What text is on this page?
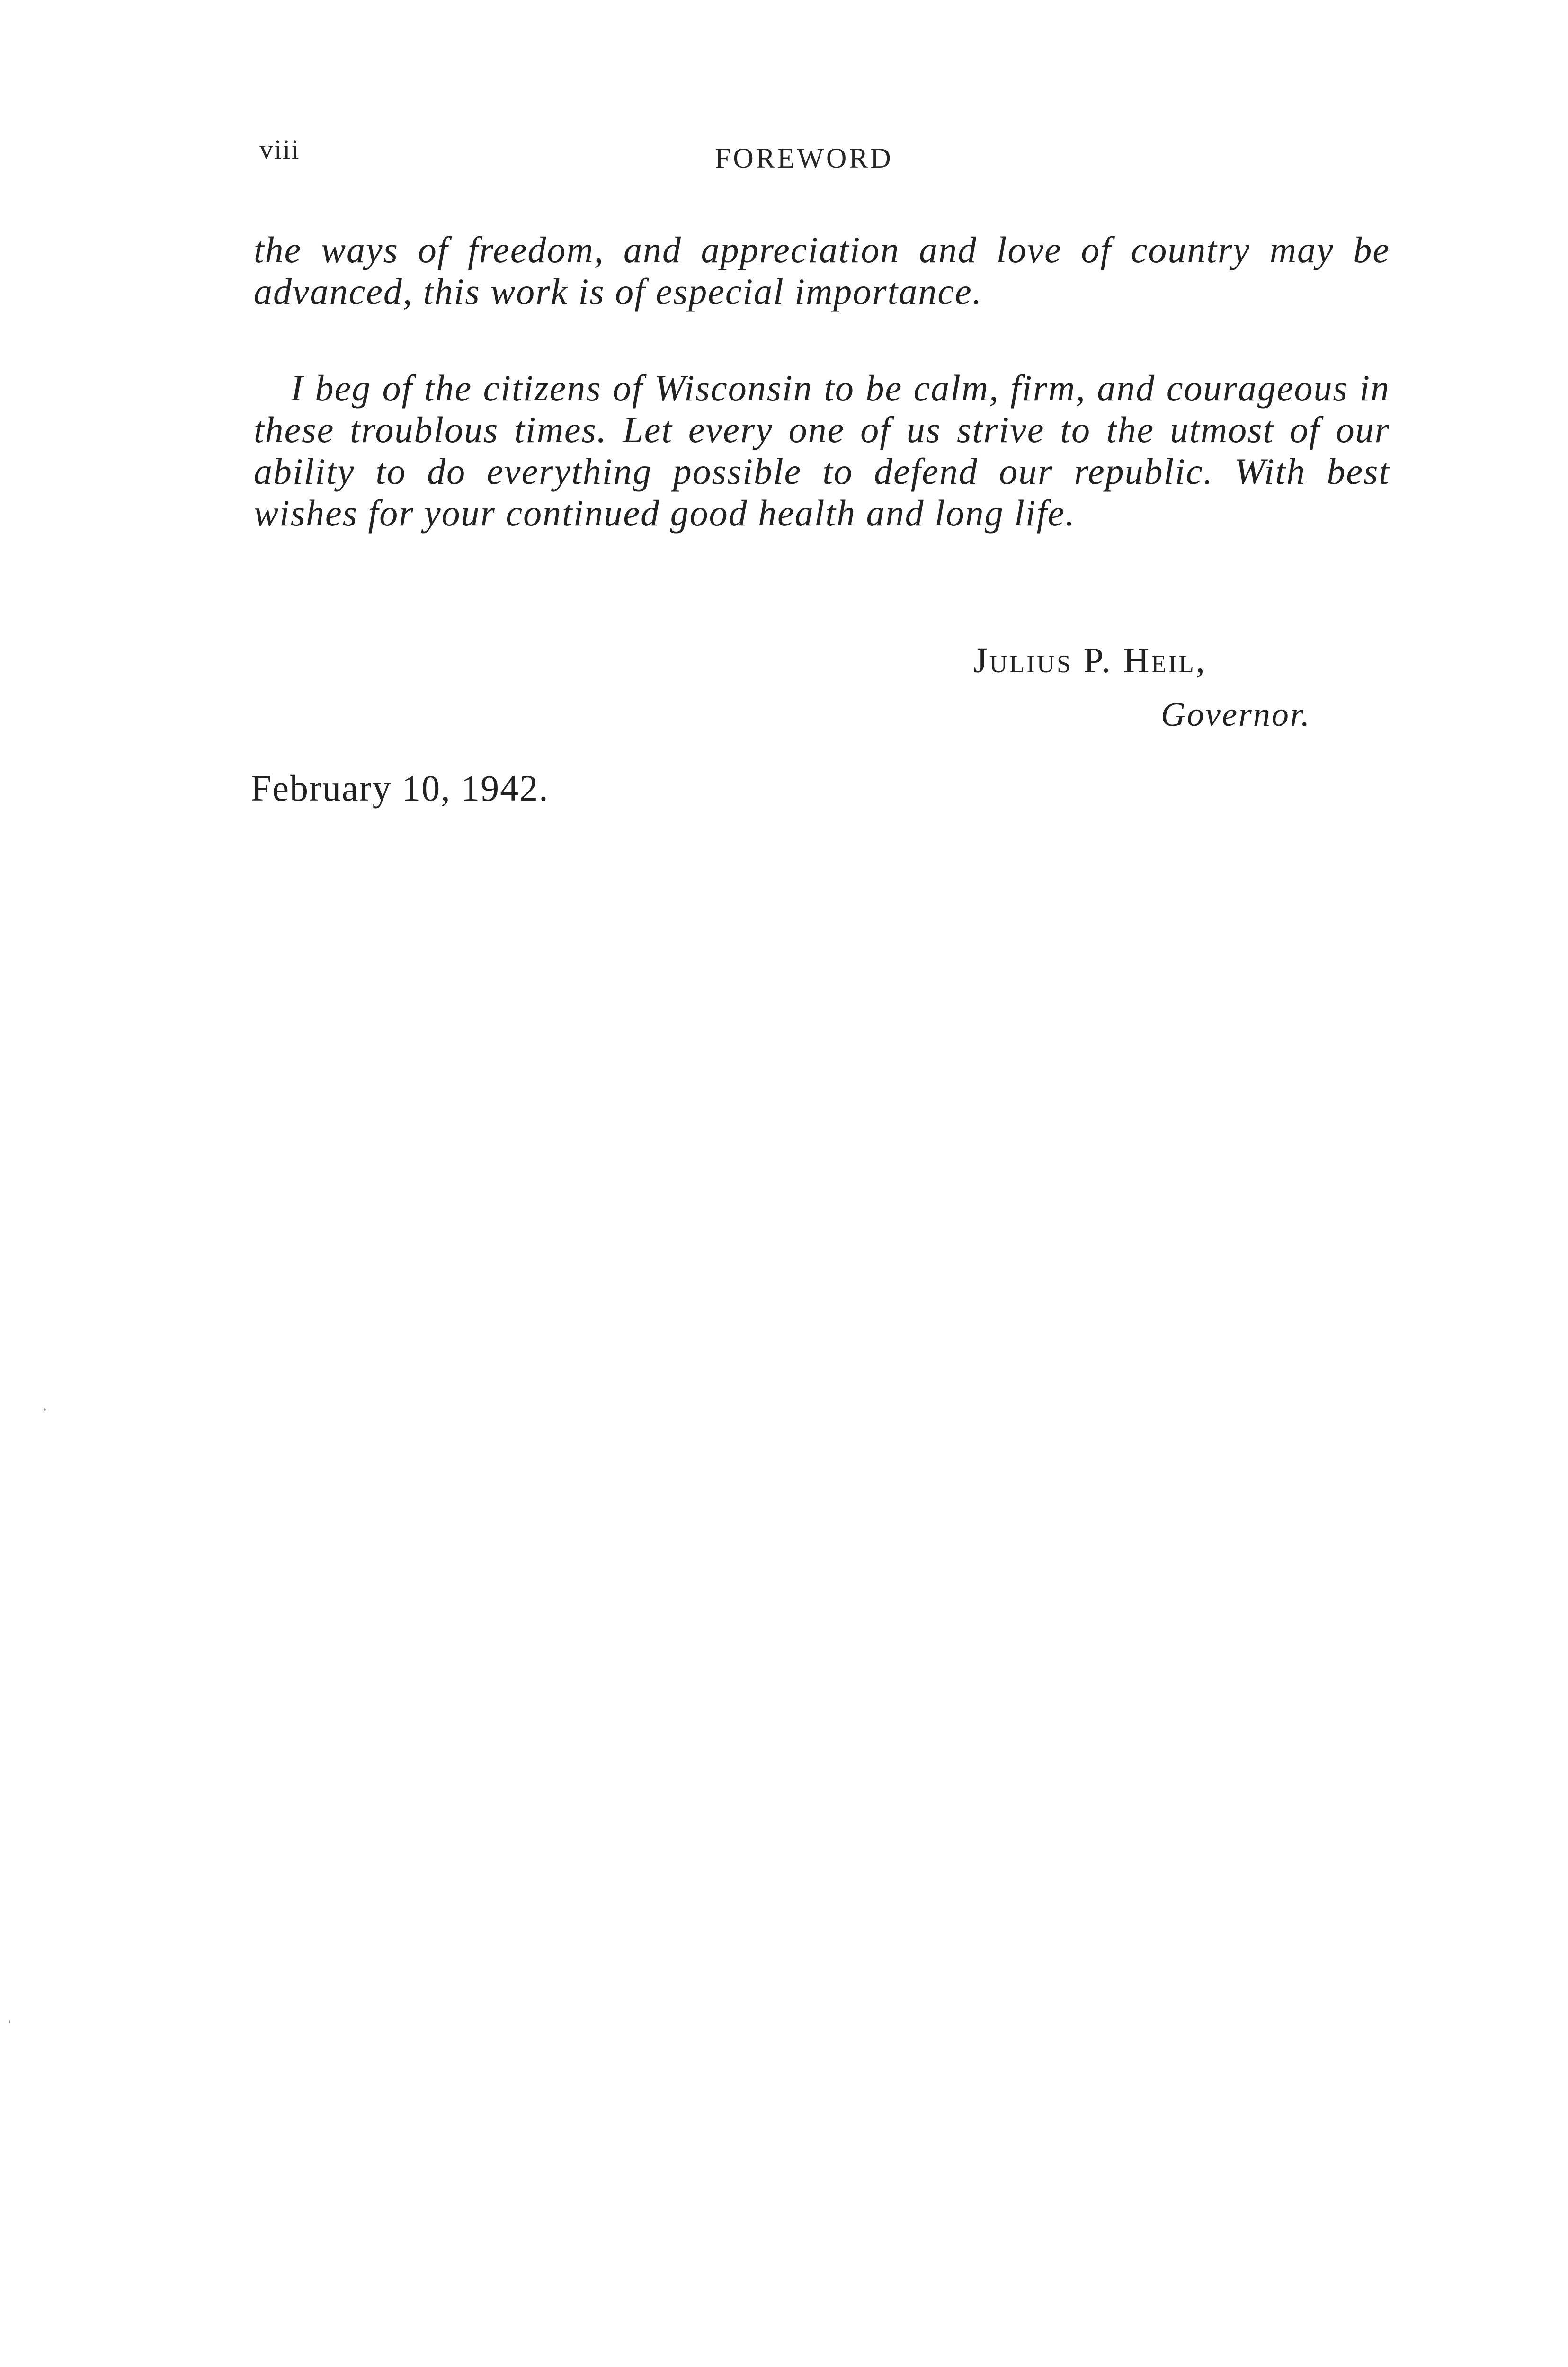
viii	FOREWORD

the ways of freedom, and appreciation and love of country may be advanced, this work is of especial importance.

I beg of the citizens of Wisconsin to be calm, firm, and courageous in these troublous times. Let every one of us strive to the utmost of our ability to do everything possible to defend our republic. With best wishes for your continued good health and long life.

Julius P. Heil,
Governor.
February 10, 1942.
